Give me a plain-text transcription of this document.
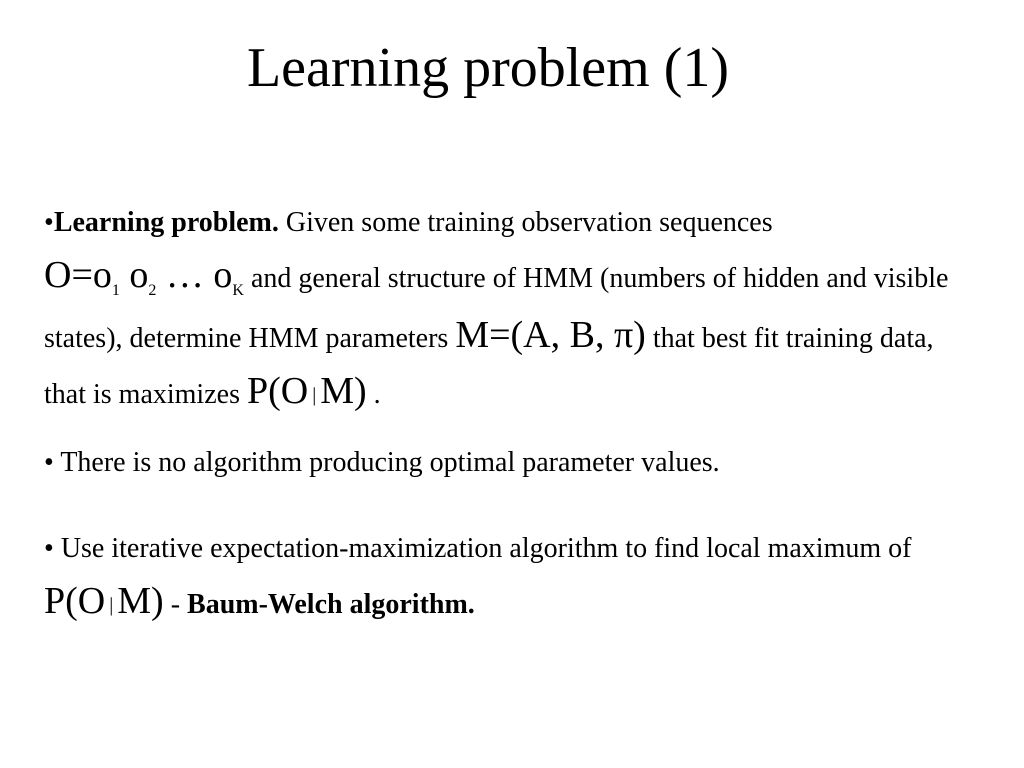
Learning problem (1)

•Learning problem. Given some training observation sequences
$O=o_1$ $o_2$ … $o_K$ and general structure of HMM (numbers of hidden and visible states), determine HMM parameters M=(A, B, π) that best fit training data, that is maximizes P(O | M) .

• There is no algorithm producing optimal parameter values.

• Use iterative expectation-maximization algorithm to find local maximum of P(O | M) - Baum-Welch algorithm.
